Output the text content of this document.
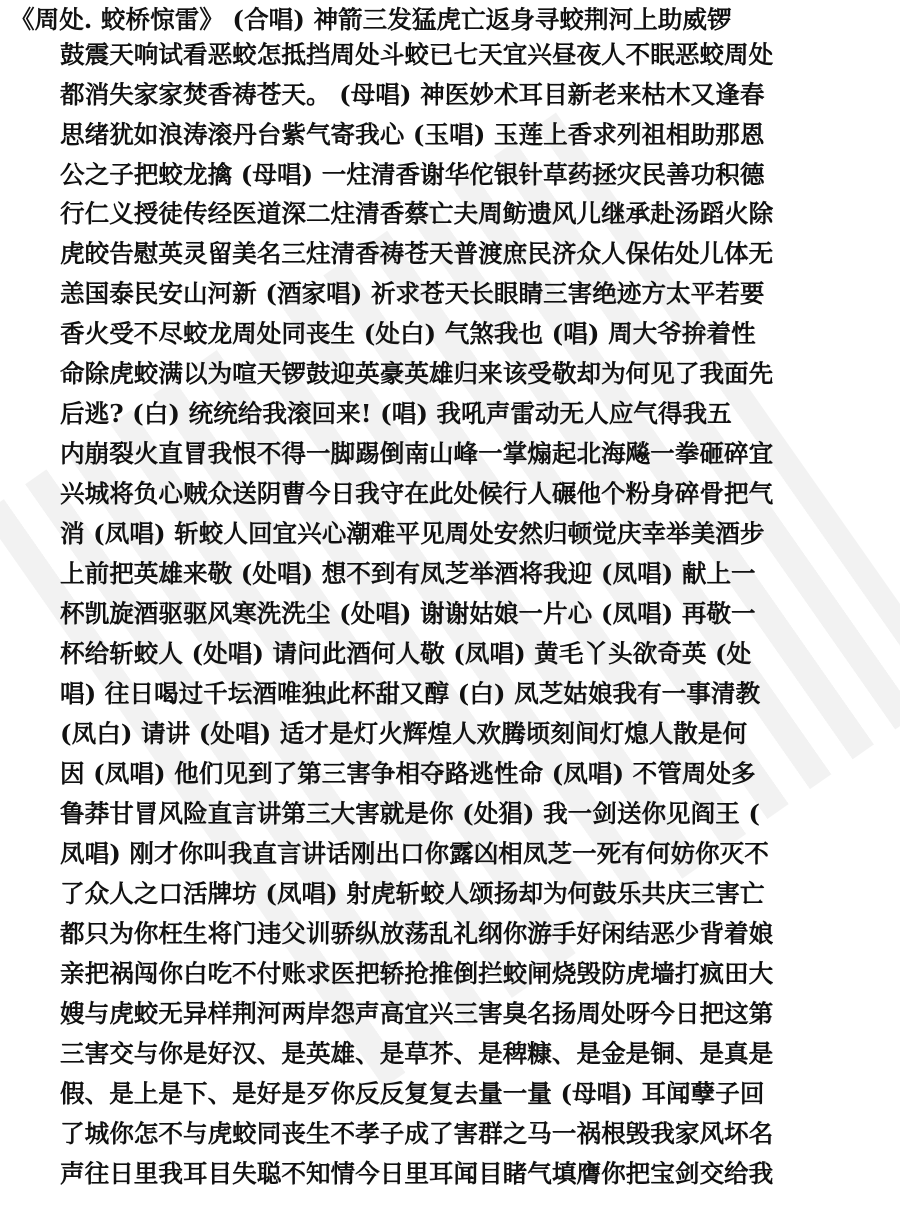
《周处. 蛟桥惊雷》 (合唱) 神箭三发猛虎亡返身寻蛟荆河上助威锣
鼓震天响试看恶蛟怎抵挡周处斗蛟已七天宜兴昼夜人不眠恶蛟周处
都消失家家焚香祷苍天。 (母唱) 神医妙术耳目新老来枯木又逢春
思绪犹如浪涛滚丹台紫气寄我心 (玉唱) 玉莲上香求列祖相助那恩
公之子把蛟龙擒 (母唱) 一炷清香谢华佗银针草药拯灾民善功积德
行仁义授徒传经医道深二炷清香蔡亡夫周鲂遗风儿继承赴汤蹈火除
虎皎告慰英灵留美名三炷清香祷苍天普渡庶民济众人保佑处儿体无
恙国泰民安山河新 (酒家唱) 祈求苍天长眼睛三害绝迹方太平若要
香火受不尽蛟龙周处同丧生 (处白) 气煞我也 (唱) 周大爷拚着性
命除虎蛟满以为喧天锣鼓迎英豪英雄归来该受敬却为何见了我面先
后逃? (白) 统统给我滚回来! (唱) 我吼声雷动无人应气得我五
内崩裂火直冒我恨不得一脚踢倒南山峰一掌煽起北海飚一拳砸碎宜
兴城将负心贼众送阴曹今日我守在此处候行人碾他个粉身碎骨把气
消 (凤唱) 斩蛟人回宜兴心潮难平见周处安然归顿觉庆幸举美酒步
上前把英雄来敬 (处唱) 想不到有凤芝举酒将我迎 (凤唱) 献上一
杯凯旋酒驱驱风寒洗洗尘 (处唱) 谢谢姑娘一片心 (凤唱) 再敬一
杯给斩蛟人 (处唱) 请问此酒何人敬 (凤唱) 黄毛丫头欲奇英 (处
唱) 往日喝过千坛酒唯独此杯甜又醇 (白) 凤芝姑娘我有一事清教
(凤白) 请讲 (处唱) 适才是灯火辉煌人欢腾顷刻间灯熄人散是何
因 (凤唱) 他们见到了第三害争相夺路逃性命 (凤唱) 不管周处多
鲁莽甘冒风险直言讲第三大害就是你 (处猖) 我一剑送你见阎王 (
凤唱) 刚才你叫我直言讲话刚出口你露凶相凤芝一死有何妨你灭不
了众人之口活牌坊 (凤唱) 射虎斩蛟人颂扬却为何鼓乐共庆三害亡
都只为你枉生将门违父训骄纵放荡乱礼纲你游手好闲结恶少背着娘
亲把祸闯你白吃不付账求医把轿抢推倒拦蛟闸烧毁防虎墙打疯田大
嫂与虎蛟无异样荆河两岸怨声高宜兴三害臭名扬周处呀今日把这第
三害交与你是好汉、是英雄、是草芥、是稗糠、是金是铜、是真是
假、是上是下、是好是歹你反反复复去量一量 (母唱) 耳闻孽子回
了城你怎不与虎蛟同丧生不孝子成了害群之马一祸根毁我家风坏名
声往日里我耳目失聪不知情今日里耳闻目睹气填膺你把宝剑交给我
